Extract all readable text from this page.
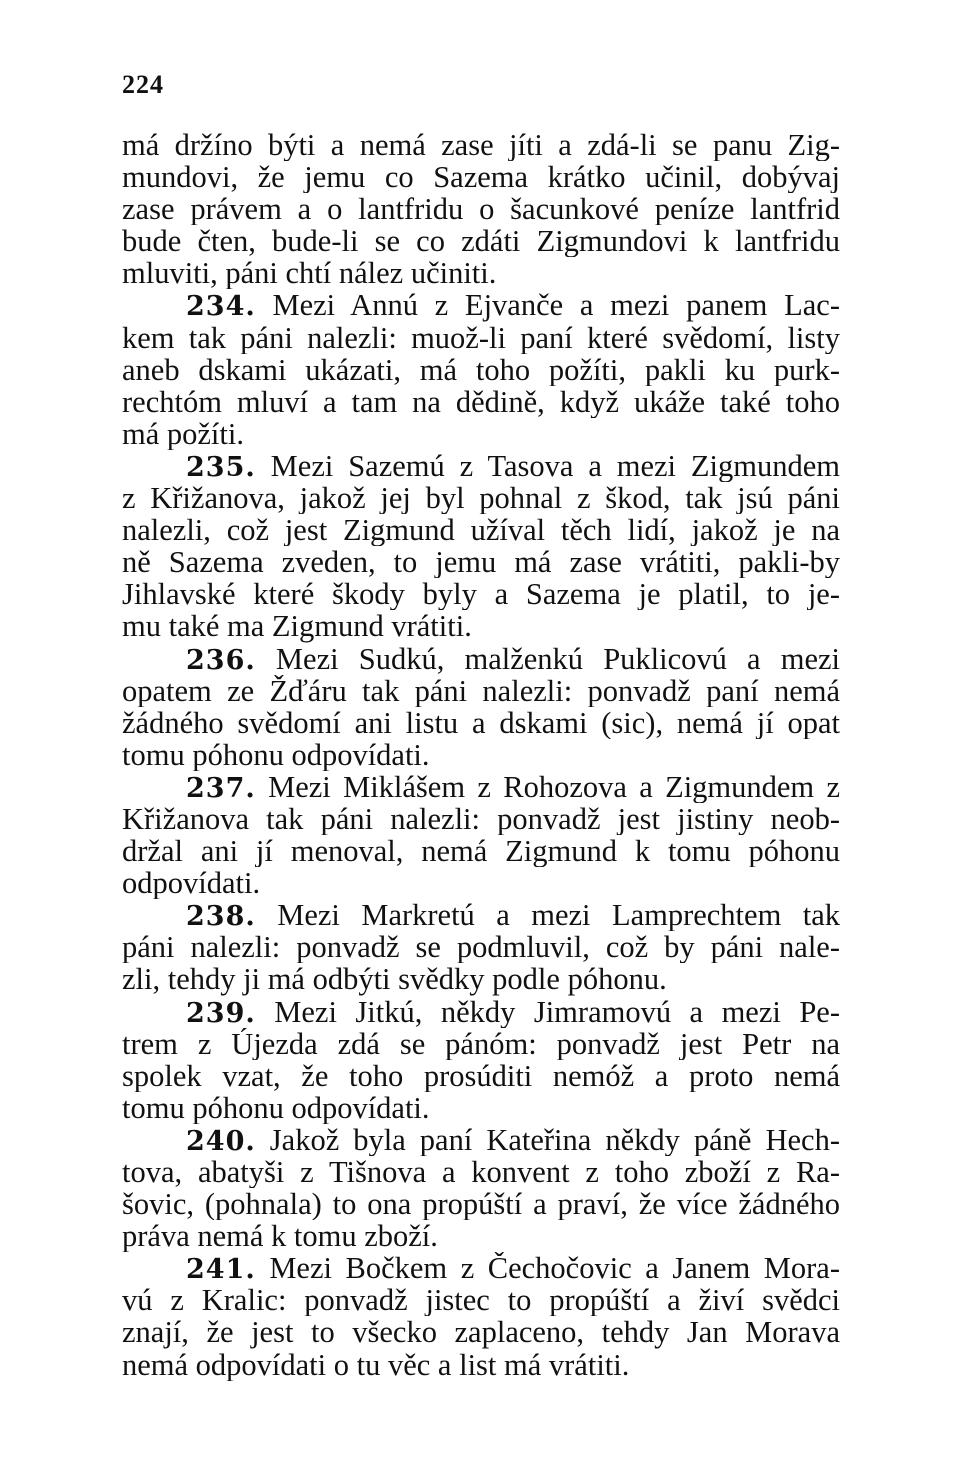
224
má držíno býti a nemá zase jíti a zdá-li se panu Zig-
mundovi, že jemu co Sazema krátko učinil, dobývaj
zase právem a o lantfridu o šacunkové peníze lantfrid
bude čten, bude-li se co zdáti Zigmundovi k lantfridu
mluviti, páni chtí nález učiniti.
234. Mezi Annú z Ejvanče a mezi panem Lac-
kem tak páni nalezli: muož-li paní které svědomí, listy
aneb dskami ukázati, má toho požíti, pakli ku purk-
rechtóm mluví a tam na dědině, když ukáže také toho
má požíti.
235. Mezi Sazemú z Tasova a mezi Zigmundem
z Křižanova, jakož jej byl pohnal z škod, tak jsú páni
nalezli, což jest Zigmund užíval těch lidí, jakož je na
ně Sazema zveden, to jemu má zase vrátiti, pakli-by
Jihlavské které škody byly a Sazema je platil, to je-
mu také ma Zigmund vrátiti.
236. Mezi Sudkú, malženkú Puklicovú a mezi
opatem ze Žďáru tak páni nalezli: ponvadž paní nemá
žádného svědomí ani listu a dskami (sic), nemá jí opat
tomu póhonu odpovídati.
237. Mezi Miklášem z Rohozova a Zigmundem z
Křižanova tak páni nalezli: ponvadž jest jistiny neob-
držal ani jí menoval, nemá Zigmund k tomu póhonu
odpovídati.
238. Mezi Markretú a mezi Lamprechtem tak
páni nalezli: ponvadž se podmluvil, což by páni nale-
zli, tehdy ji má odbýti svědky podle póhonu.
239. Mezi Jitkú, někdy Jimramovú a mezi Pe-
trem z Újezda zdá se pánóm: ponvadž jest Petr na
spolek vzat, že toho prosúditi nemóž a proto nemá
tomu póhonu odpovídati.
240. Jakož byla paní Kateřina někdy páně Hech-
tova, abatyši z Tišnova a konvent z toho zboží z Ra-
šovic, (pohnala) to ona propúští a praví, že více žádného
práva nemá k tomu zboží.
241. Mezi Bočkem z Čechočovic a Janem Mora-
vú z Kralic: ponvadž jistec to propúští a živí svědci
znají, že jest to všecko zaplaceno, tehdy Jan Morava
nemá odpovídati o tu věc a list má vrátiti.
